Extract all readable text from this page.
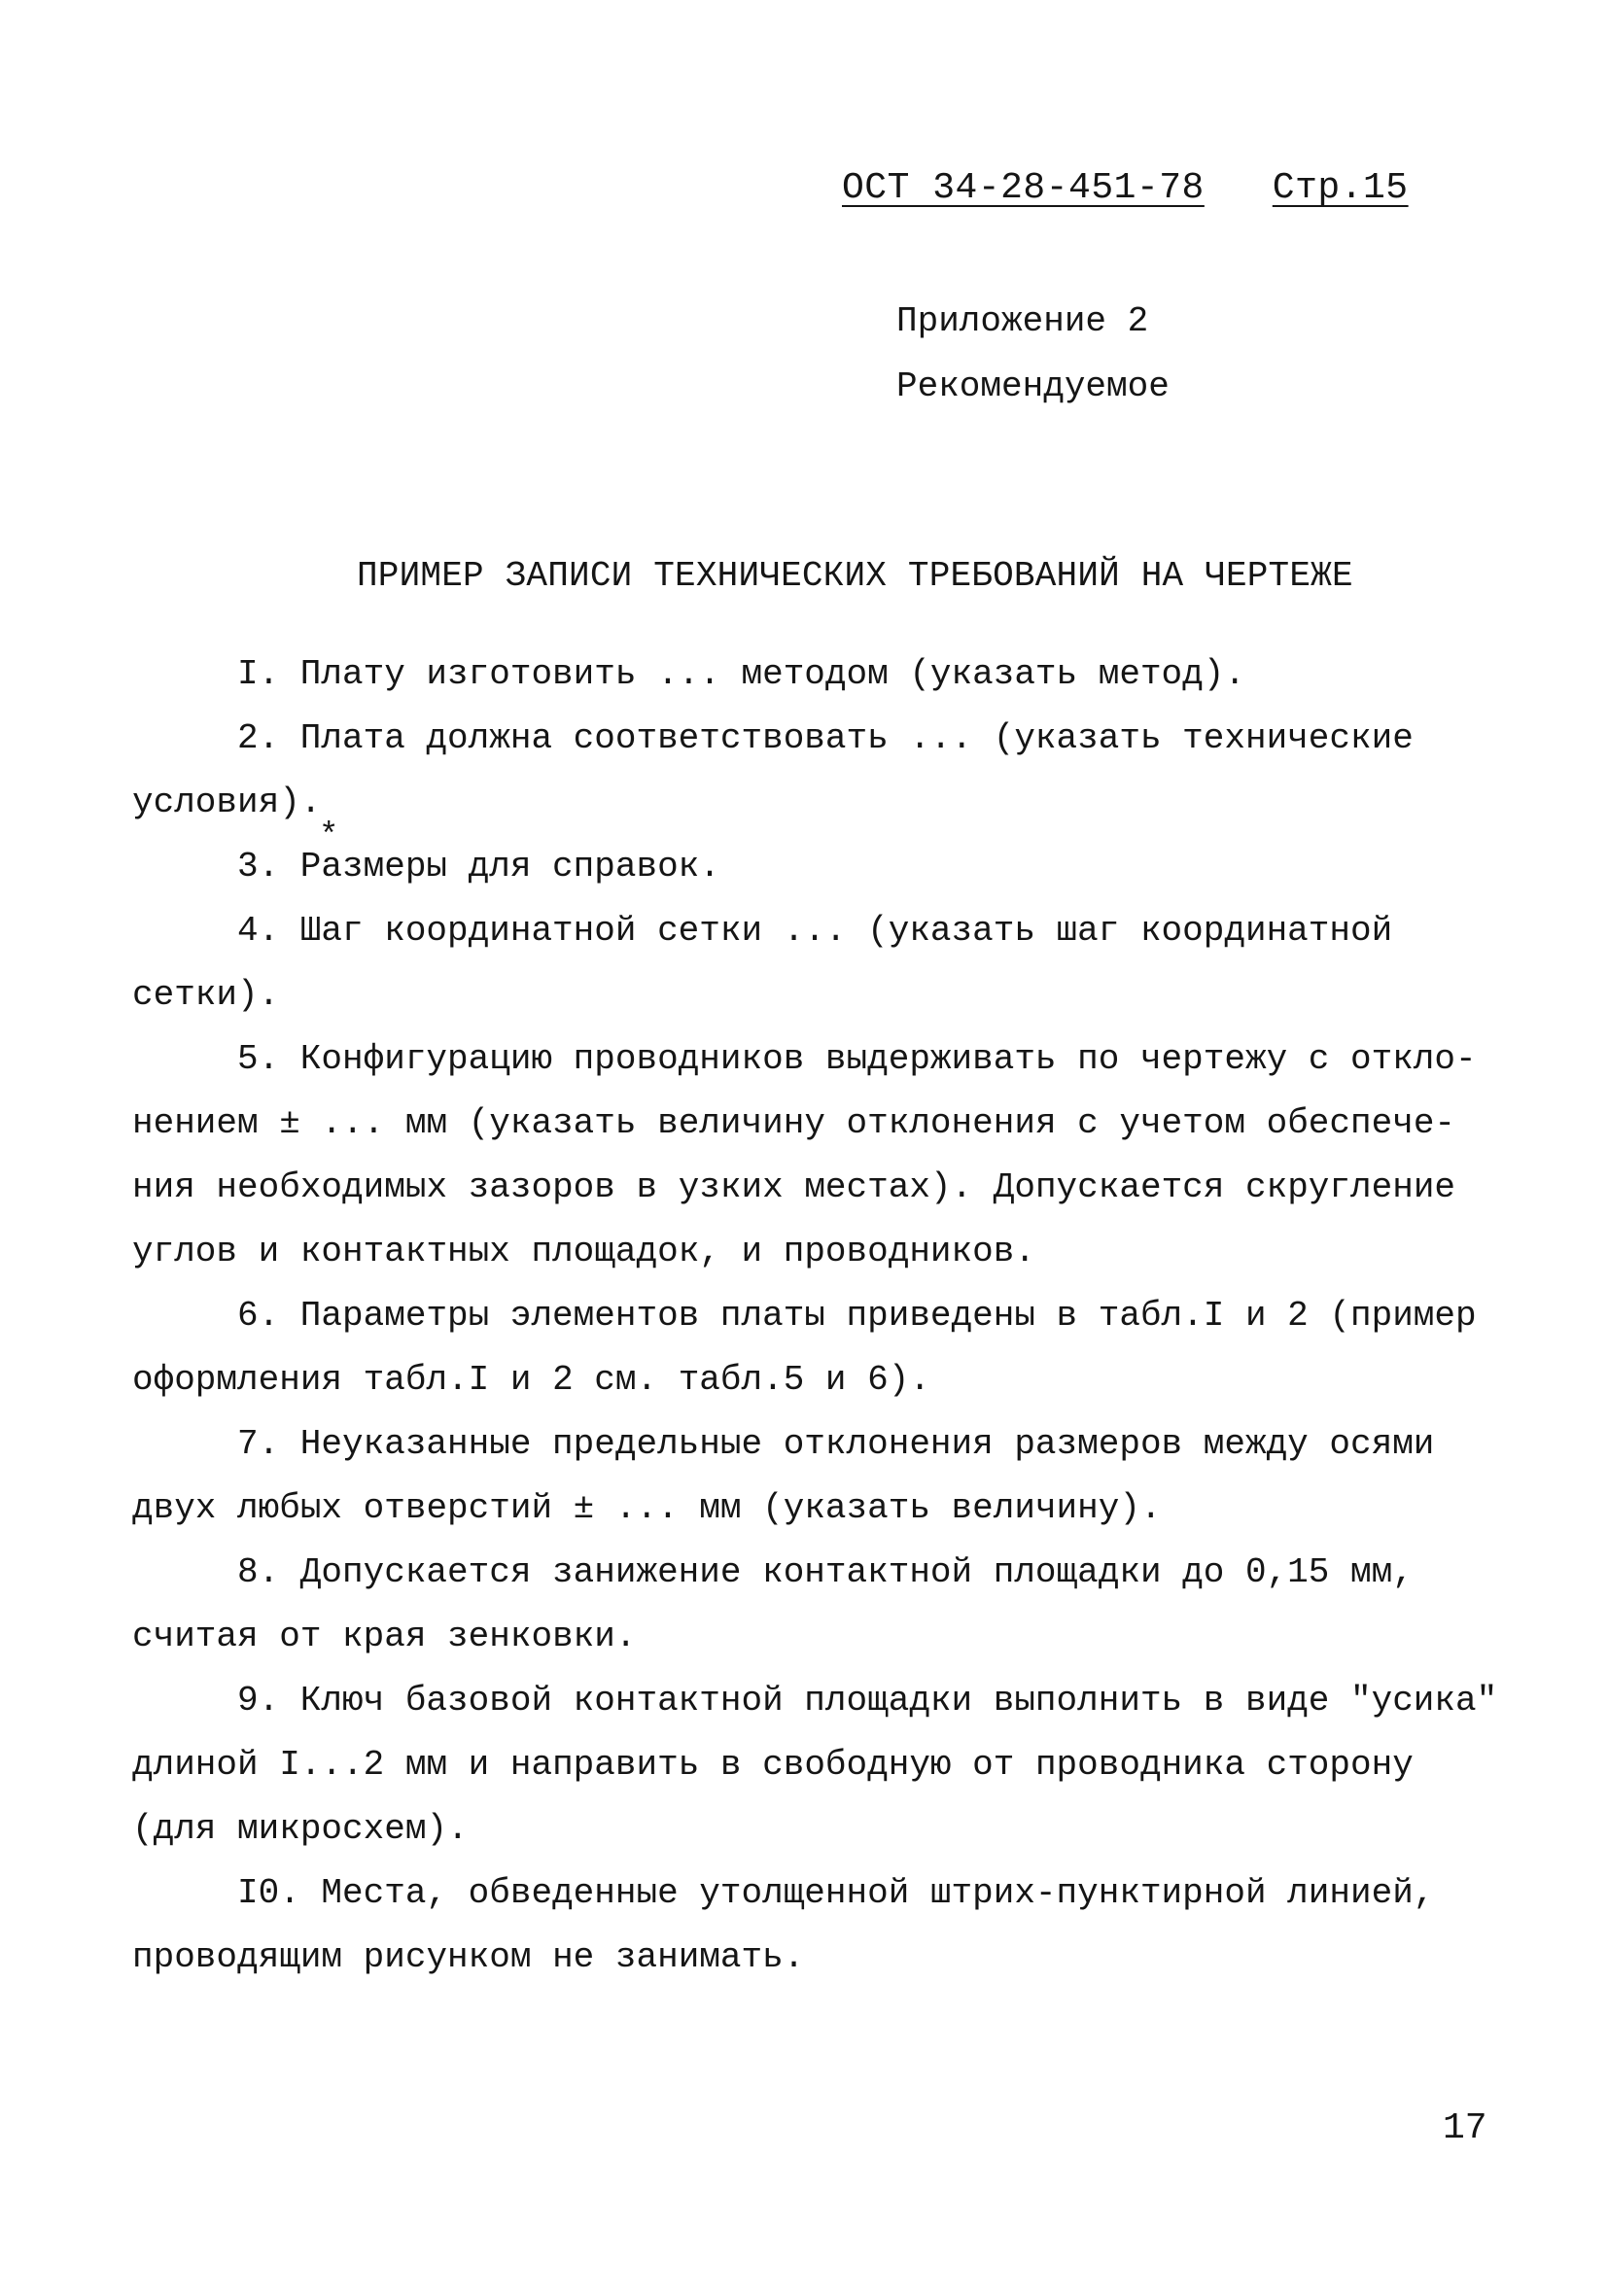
ОСТ 34-28-451-78 Стр.15
Приложение 2
Рекомендуемое
ПРИМЕР ЗАПИСИ ТЕХНИЧЕСКИХ ТРЕБОВАНИЙ НА ЧЕРТЕЖЕ
I. Плату изготовить ... методом (указать метод).
2. Плата должна соответствовать ... (указать технические
условия).
*
3. Размеры для справок.
4. Шаг координатной сетки ... (указать шаг координатной
сетки).
5. Конфигурацию проводников выдерживать по чертежу с откло-
нением ± ... мм (указать величину отклонения с учетом обеспече-
ния необходимых зазоров в узких местах). Допускается скругление
углов и контактных площадок, и проводников.
6. Параметры элементов платы приведены в табл.I и 2 (пример
оформления табл.I и 2 см. табл.5 и 6).
7. Неуказанные предельные отклонения размеров между осями
двух любых отверстий ± ... мм (указать величину).
8. Допускается занижение контактной площадки до 0,15 мм,
считая от края зенковки.
9. Ключ базовой контактной площадки выполнить в виде "усика"
длиной I...2 мм и направить в свободную от проводника сторону
(для микросхем).
I0. Места, обведенные утолщенной штрих-пунктирной линией,
проводящим рисунком не занимать.
17
